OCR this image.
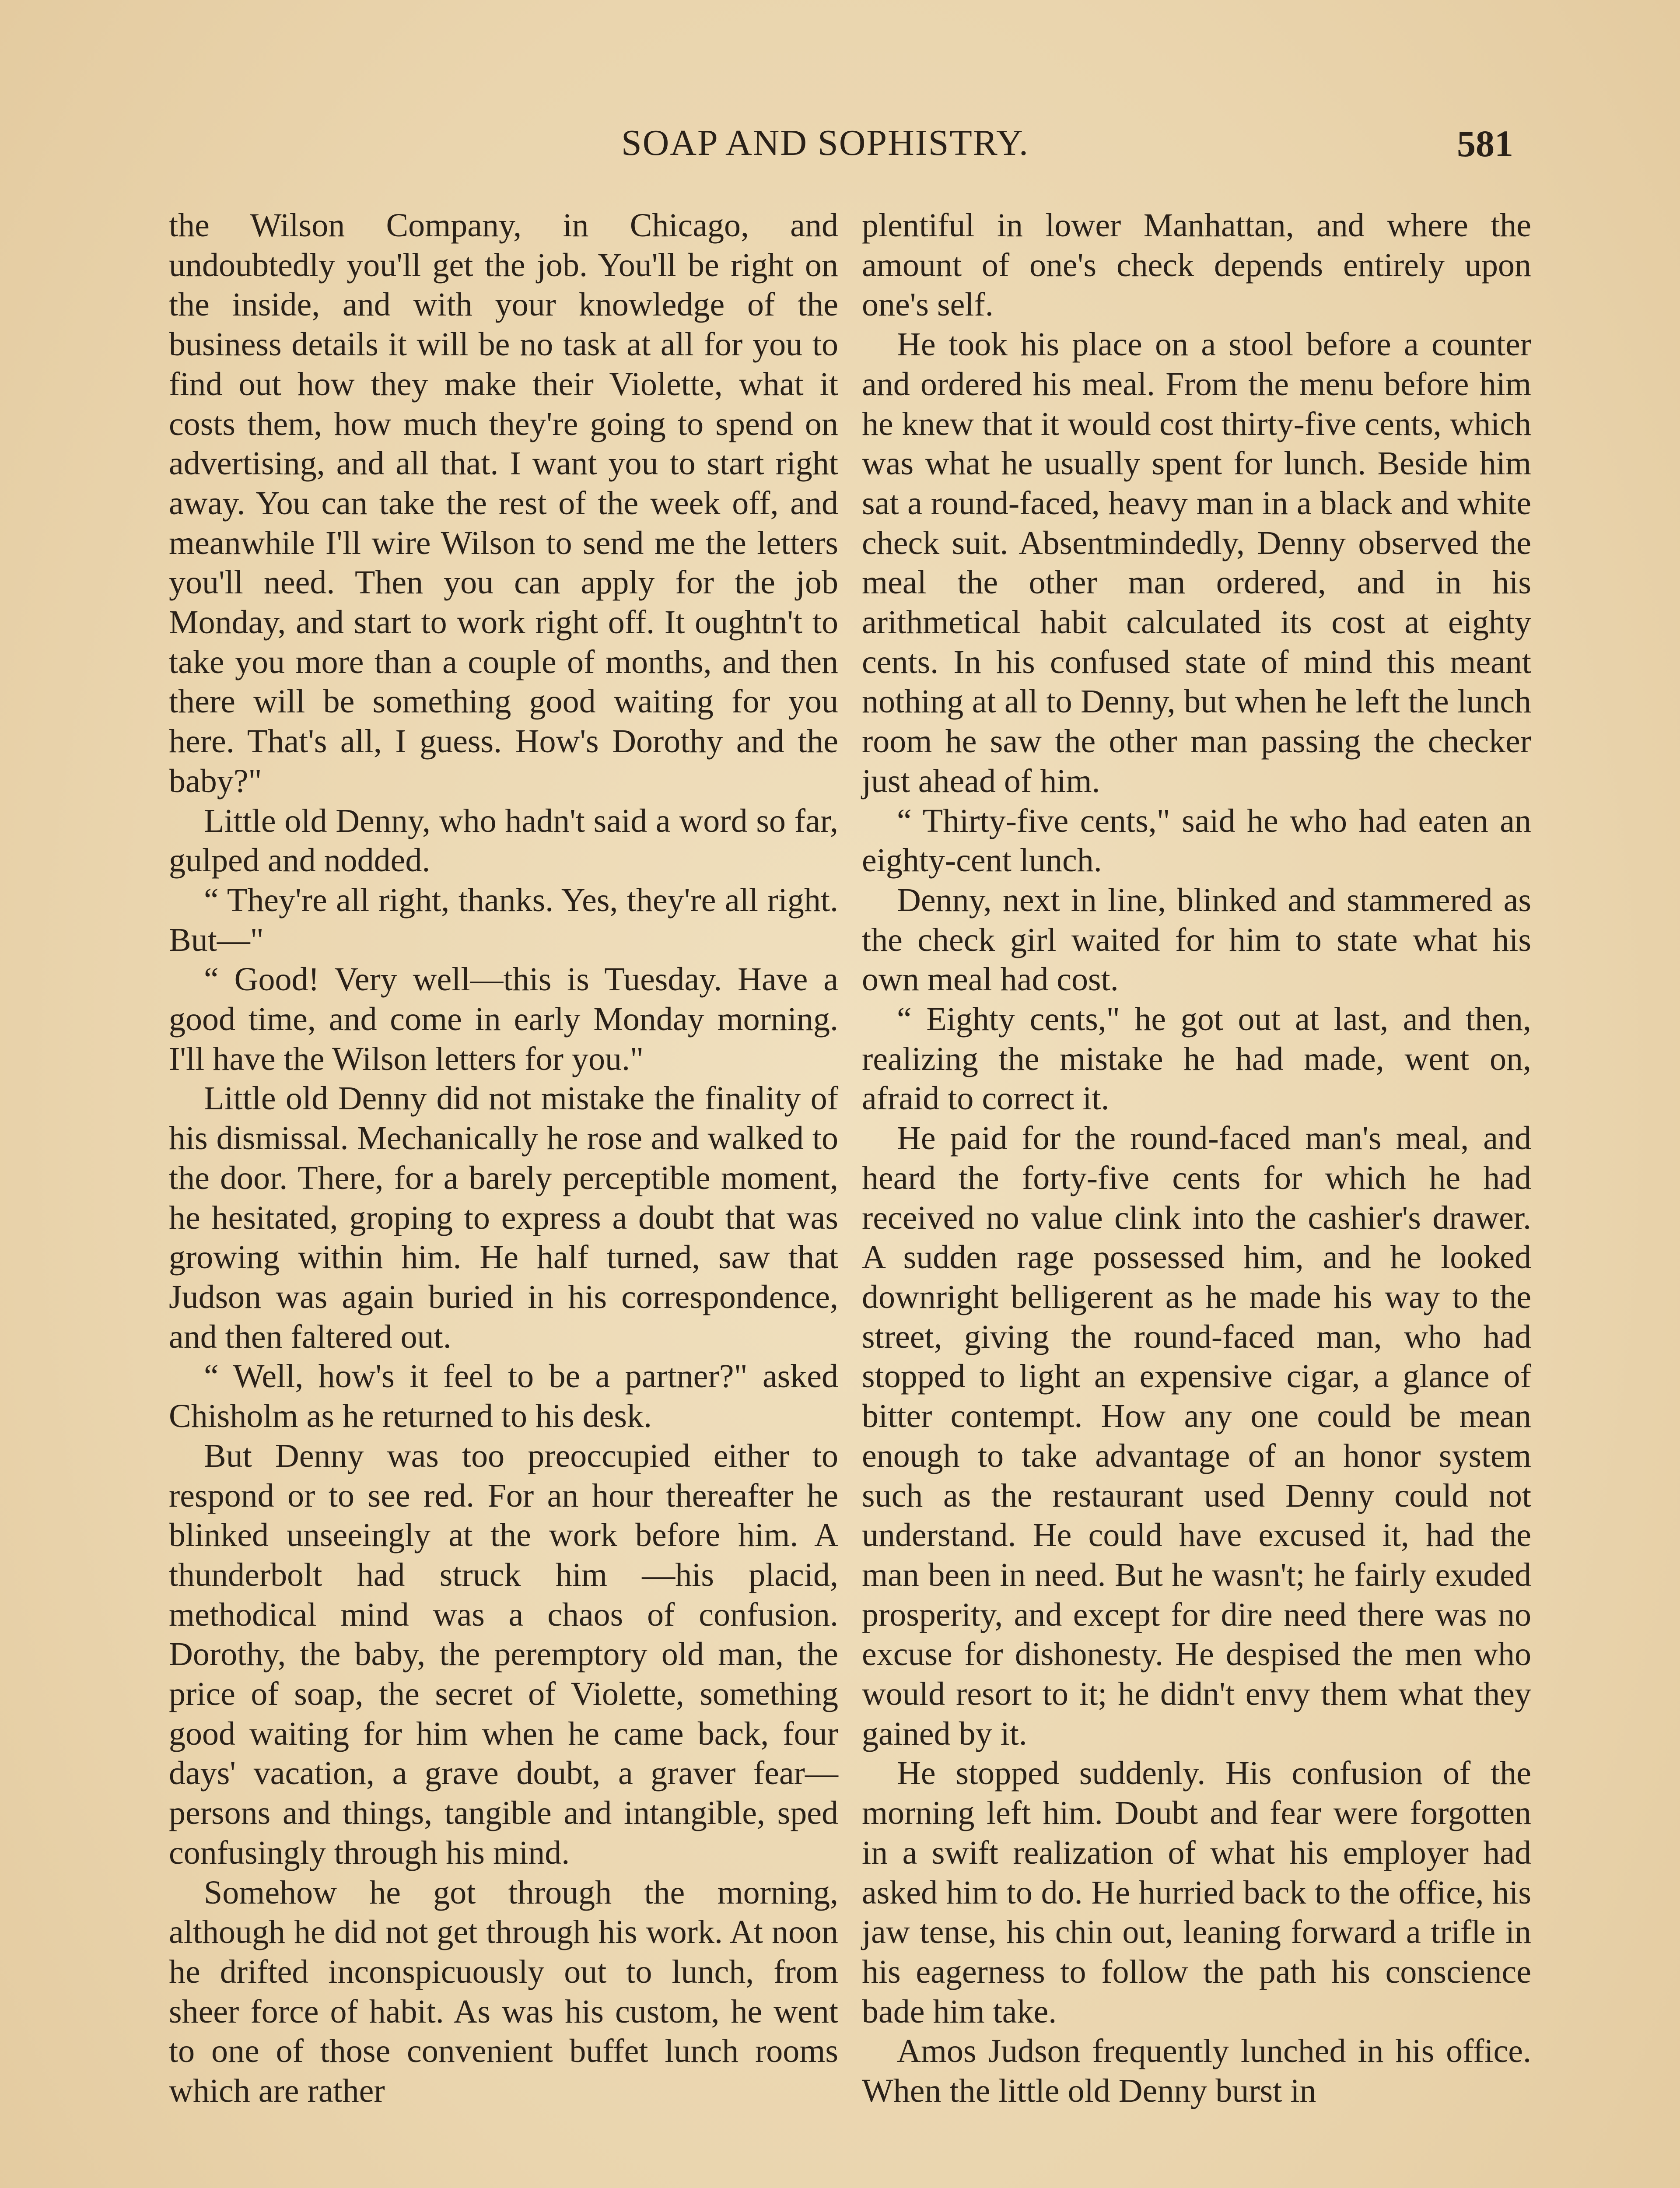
SOAP AND SOPHISTRY.	581

the Wilson Company, in Chicago, and undoubtedly you'll get the job. You'll be right on the inside, and with your knowledge of the business details it will be no task at all for you to find out how they make their Violette, what it costs them, how much they're going to spend on advertising, and all that. I want you to start right away. You can take the rest of the week off, and meanwhile I'll wire Wilson to send me the letters you'll need. Then you can apply for the job Monday, and start to work right off. It oughtn't to take you more than a couple of months, and then there will be something good waiting for you here. That's all, I guess. How's Dorothy and the baby?"

Little old Denny, who hadn't said a word so far, gulped and nodded.

“ They're all right, thanks. Yes, they're all right. But—"

“ Good! Very well—this is Tuesday. Have a good time, and come in early Monday morning. I'll have the Wilson letters for you."

Little old Denny did not mistake the finality of his dismissal. Mechanically he rose and walked to the door. There, for a barely perceptible moment, he hesitated, groping to express a doubt that was growing within him. He half turned, saw that Judson was again buried in his correspondence, and then faltered out.

“ Well, how's it feel to be a partner?" asked Chisholm as he returned to his desk.

But Denny was too preoccupied either to respond or to see red. For an hour thereafter he blinked unseeingly at the work before him. A thunderbolt had struck him —his placid, methodical mind was a chaos of confusion. Dorothy, the baby, the peremptory old man, the price of soap, the secret of Violette, something good waiting for him when he came back, four days' vacation, a grave doubt, a graver fear— persons and things, tangible and intangible, sped confusingly through his mind.

Somehow he got through the morning, although he did not get through his work. At noon he drifted inconspicuously out to lunch, from sheer force of habit. As was his custom, he went to one of those convenient buffet lunch rooms which are rather

plentiful in lower Manhattan, and where the amount of one's check depends entirely upon one's self.

He took his place on a stool before a counter and ordered his meal. From the menu before him he knew that it would cost thirty-five cents, which was what he usually spent for lunch. Beside him sat a round-faced, heavy man in a black and white check suit. Absentmindedly, Denny observed the meal the other man ordered, and in his arithmetical habit calculated its cost at eighty cents. In his confused state of mind this meant nothing at all to Denny, but when he left the lunch room he saw the other man passing the checker just ahead of him.

“ Thirty-five cents," said he who had eaten an eighty-cent lunch.

Denny, next in line, blinked and stammered as the check girl waited for him to state what his own meal had cost.

“ Eighty cents," he got out at last, and then, realizing the mistake he had made, went on, afraid to correct it.

He paid for the round-faced man's meal, and heard the forty-five cents for which he had received no value clink into the cashier's drawer. A sudden rage possessed him, and he looked downright belligerent as he made his way to the street, giving the round-faced man, who had stopped to light an expensive cigar, a glance of bitter contempt. How any one could be mean enough to take advantage of an honor system such as the restaurant used Denny could not understand. He could have excused it, had the man been in need. But he wasn't; he fairly exuded prosperity, and except for dire need there was no excuse for dishonesty. He despised the men who would resort to it; he didn't envy them what they gained by it.

He stopped suddenly. His confusion of the morning left him. Doubt and fear were forgotten in a swift realization of what his employer had asked him to do. He hurried back to the office, his jaw tense, his chin out, leaning forward a trifle in his eagerness to follow the path his conscience bade him take.

Amos Judson frequently lunched in his office. When the little old Denny burst in
